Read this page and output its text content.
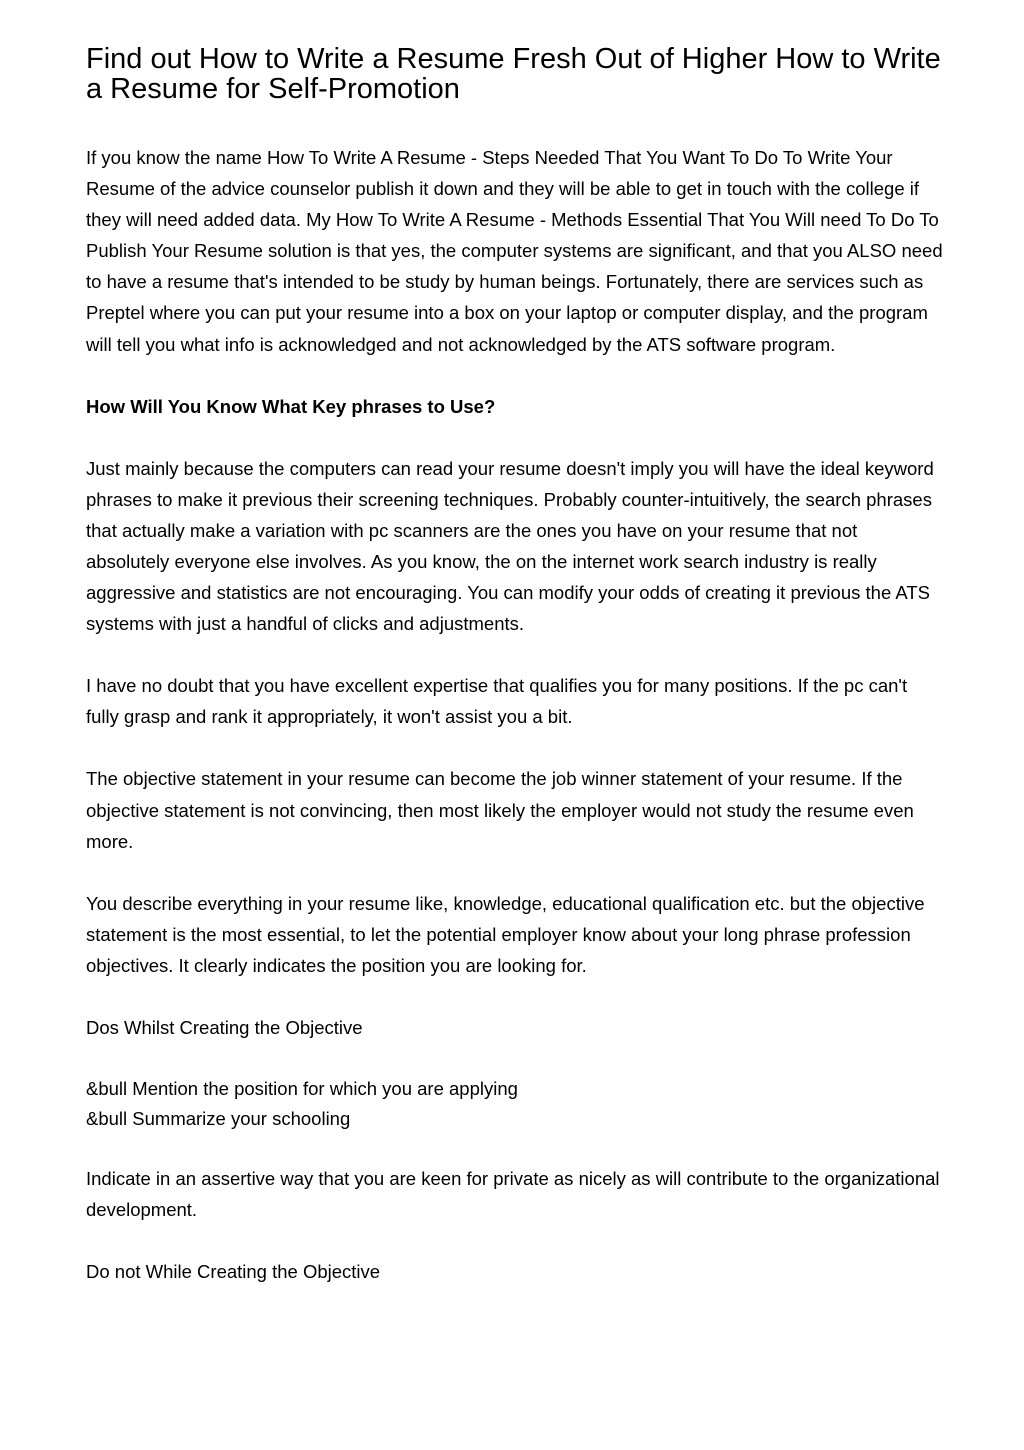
Find out How to Write a Resume Fresh Out of Higher How to Write a Resume for Self-Promotion

If you know the name How To Write A Resume - Steps Needed That You Want To Do To Write Your Resume of the advice counselor publish it down and they will be able to get in touch with the college if they will need added data. My How To Write A Resume - Methods Essential That You Will need To Do To Publish Your Resume solution is that yes, the computer systems are significant, and that you ALSO need to have a resume that's intended to be study by human beings. Fortunately, there are services such as Preptel where you can put your resume into a box on your laptop or computer display, and the program will tell you what info is acknowledged and not acknowledged by the ATS software program.

How Will You Know What Key phrases to Use?

Just mainly because the computers can read your resume doesn't imply you will have the ideal keyword phrases to make it previous their screening techniques. Probably counter-intuitively, the search phrases that actually make a variation with pc scanners are the ones you have on your resume that not absolutely everyone else involves. As you know, the on the internet work search industry is really aggressive and statistics are not encouraging. You can modify your odds of creating it previous the ATS systems with just a handful of clicks and adjustments.

I have no doubt that you have excellent expertise that qualifies you for many positions. If the pc can't fully grasp and rank it appropriately, it won't assist you a bit.

The objective statement in your resume can become the job winner statement of your resume. If the objective statement is not convincing, then most likely the employer would not study the resume even more.

You describe everything in your resume like, knowledge, educational qualification etc. but the objective statement is the most essential, to let the potential employer know about your long phrase profession objectives. It clearly indicates the position you are looking for.

Dos Whilst Creating the Objective

&bull Mention the position for which you are applying
&bull Summarize your schooling

Indicate in an assertive way that you are keen for private as nicely as will contribute to the organizational development.

Do not While Creating the Objective
